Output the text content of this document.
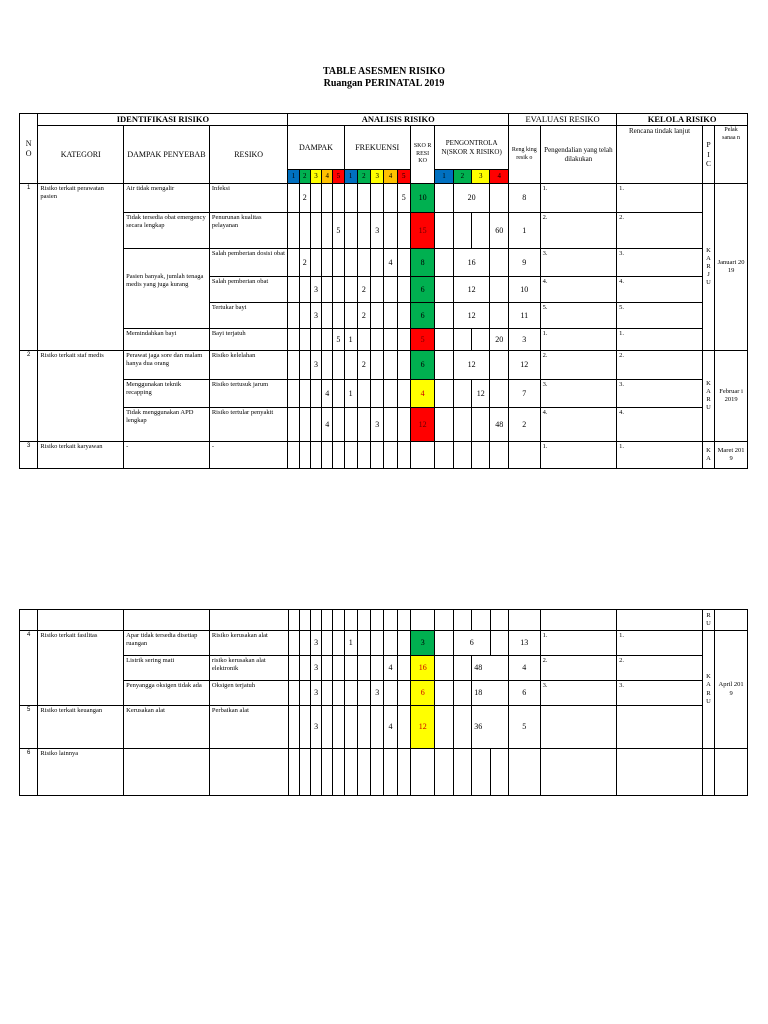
TABLE ASESMEN RISIKO
Ruangan PERINATAL 2019
N O	IDENTIFIKASI RISIKO			ANALISIS RISIKO															EVALUASI RESIKO		KELOLA RISIKO		
	KATEGORI	DAMPAK PENYEBAB	RESIKO	DAMPAK					FREKUENSI					SKO R RESI KO	PENGONTROLA N(SKOR X RISIKO)				Reng king resik o	Pengendalian yang telah dilakukan	Rencana tindak lanjut	P I C	Pelak sanaa n
				1	2	3	4	5	1	2	3	4	5		1	2	3	4					
1	Risiko terkait perawatan pasien	Air tidak mengalir	Infeksi		2								5	10		20			8	1.	1.	K A R J U	Januari 2019
		Tidak tersedia obat emergency secara lengkap	Penurunan kualitas pelayanan					5			3			15				60	1	2.	2.		
		Pasien banyak, jumlah tenaga medis yang juga kurang	Salah pemberian dosisi obat		2							4		8		16			9	3.	3.		
			Salah pemberian obat			3				2				6		12			10	4.	4.		
			Tertukar bayi			3				2				6		12			11	5.	5.		
		Memindahkan bayi	Bayi terjatuh					5	1					5				20	3	1.	1.		
2	Risiko terkait staf medis	Perawat jaga sore dan malam hanya dua orang	Risiko kelelahan			3				2				6		12			12	2.	2.	K A R U	Februar i 2019
		Menggunakan teknik recapping	Risiko tertusuk jarum				4		1					4			12		7	3.	3.		
		Tidak menggunakan APD lengkap	Risiko tertular penyakit				4				3			12				48	2	4.	4.		
3	Risiko terkait karyawan	-	-																	1.	1.	K A	Maret 2019
																						R U	
4	Risiko terkait fasilitas	Apar tidak tersedia disetiap ruangan	Risiko kerusakan alat			3			1					3		6			13	1.	1.	K A R U	April 2019
		Listrik sering mati	risiko kerusakan alat elektronik			3						4		16			48		4	2.	2.		
		Penyangga oksigen tidak ada	Oksigen terjatuh			3					3			6			18		6	3.	3.		
5	Risiko terkait keuangan	Kerusakan alat	Perbaikan alat			3						4		12			36		5				
6	Risiko lainnya																						
